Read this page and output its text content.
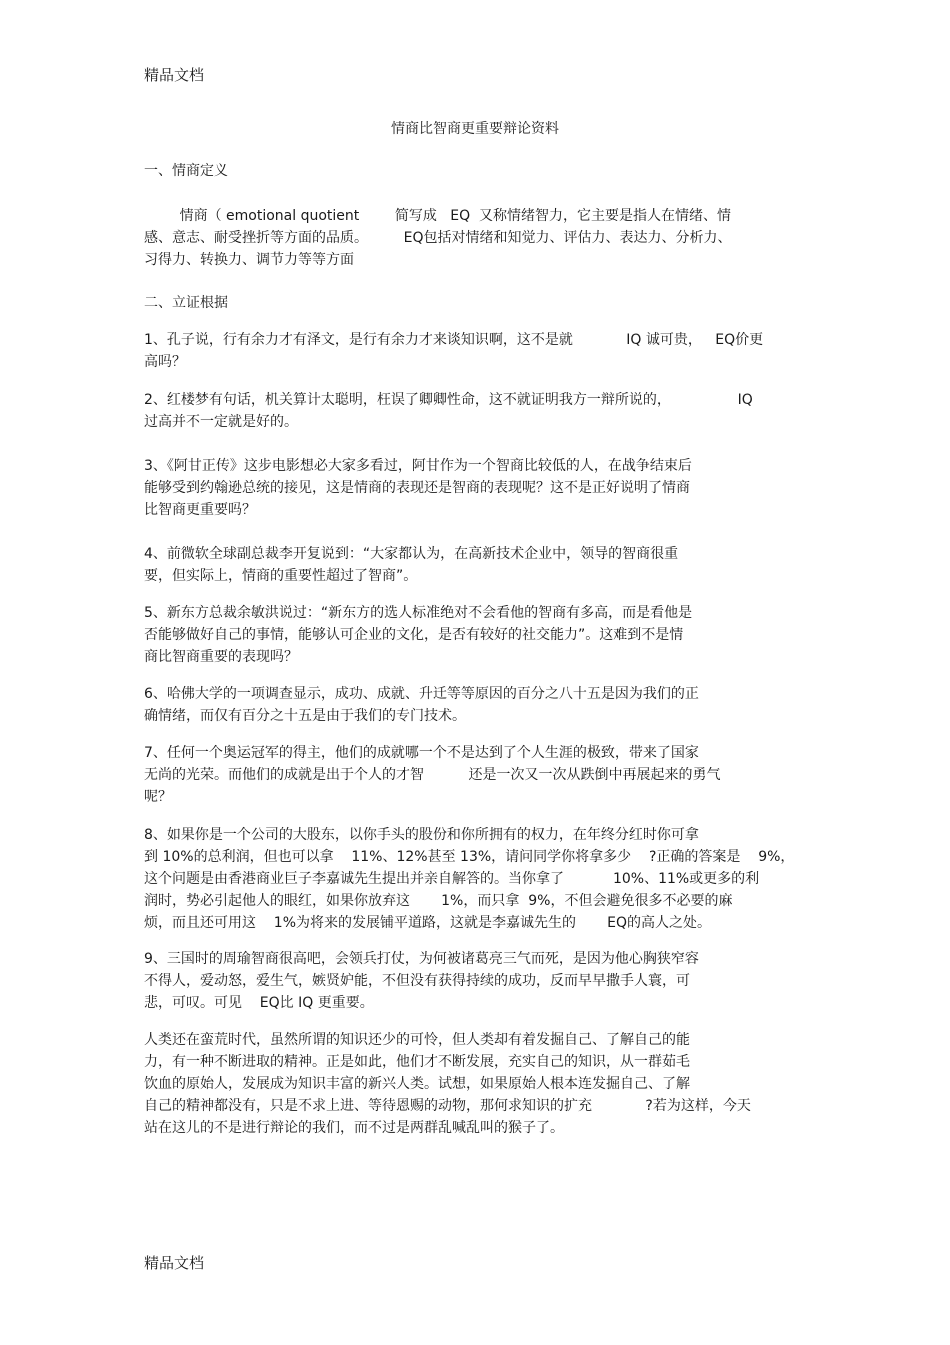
精品文档
情商比智商更重要辩论资料
一、情商定义
情商（ emotional quotient        简写成   EQ  又称情绪智力，它主要是指人在情绪、情
感、意志、耐受挫折等方面的品质。        EQ包括对情绪和知觉力、评估力、表达力、分析力、
习得力、转换力、调节力等等方面
二、立证根据
1、孔子说，行有余力才有泽文，是行有余力才来谈知识啊，这不是就            IQ 诚可贵，   EQ价更
高吗？
2、红楼梦有句话，机关算计太聪明，枉误了卿卿性命，这不就证明我方一辩所说的，               IQ
过高并不一定就是好的。
3、《阿甘正传》这步电影想必大家多看过，阿甘作为一个智商比较低的人，在战争结束后
能够受到约翰逊总统的接见，这是情商的表现还是智商的表现呢？这不是正好说明了情商
比智商更重要吗？
4、前微软全球副总裁李开复说到：“大家都认为，在高新技术企业中，领导的智商很重
要，但实际上，情商的重要性超过了智商”。
5、新东方总裁余敏洪说过：“新东方的选人标准绝对不会看他的智商有多高，而是看他是
否能够做好自己的事情，能够认可企业的文化，是否有较好的社交能力”。这难到不是情
商比智商重要的表现吗？
6、哈佛大学的一项调查显示，成功、成就、升迁等等原因的百分之八十五是因为我们的正
确情绪，而仅有百分之十五是由于我们的专门技术。
7、任何一个奥运冠军的得主，他们的成就哪一个不是达到了个人生涯的极致，带来了国家
无尚的光荣。而他们的成就是出于个人的才智          还是一次又一次从跌倒中再展起来的勇气
呢？
8、如果你是一个公司的大股东，以你手头的股份和你所拥有的权力，在年终分红时你可拿
到 10%的总利润，但也可以拿    11%、12%甚至 13%，请问同学你将拿多少    ?正确的答案是    9%，
这个问题是由香港商业巨子李嘉诚先生提出并亲自解答的。当你拿了           10%、11%或更多的利
润时，势必引起他人的眼红，如果你放弃这       1%，而只拿  9%，不但会避免很多不必要的麻
烦，而且还可用这    1%为将来的发展铺平道路，这就是李嘉诚先生的       EQ的高人之处。
9、三国时的周瑜智商很高吧，会领兵打仗，为何被诸葛亮三气而死，是因为他心胸狭窄容
不得人，爱动怒，爱生气，嫉贤妒能，不但没有获得持续的成功，反而早早撒手人寰，可
悲，可叹。可见    EQ比 IQ 更重要。
人类还在蛮荒时代，虽然所谓的知识还少的可怜，但人类却有着发掘自己、了解自己的能
力，有一种不断进取的精神。正是如此，他们才不断发展，充实自己的知识，从一群茹毛
饮血的原始人，发展成为知识丰富的新兴人类。试想，如果原始人根本连发掘自己、了解
自己的精神都没有，只是不求上进、等待恩赐的动物，那何求知识的扩充            ?若为这样，今天
站在这儿的不是进行辩论的我们，而不过是两群乱喊乱叫的猴子了。
精品文档
